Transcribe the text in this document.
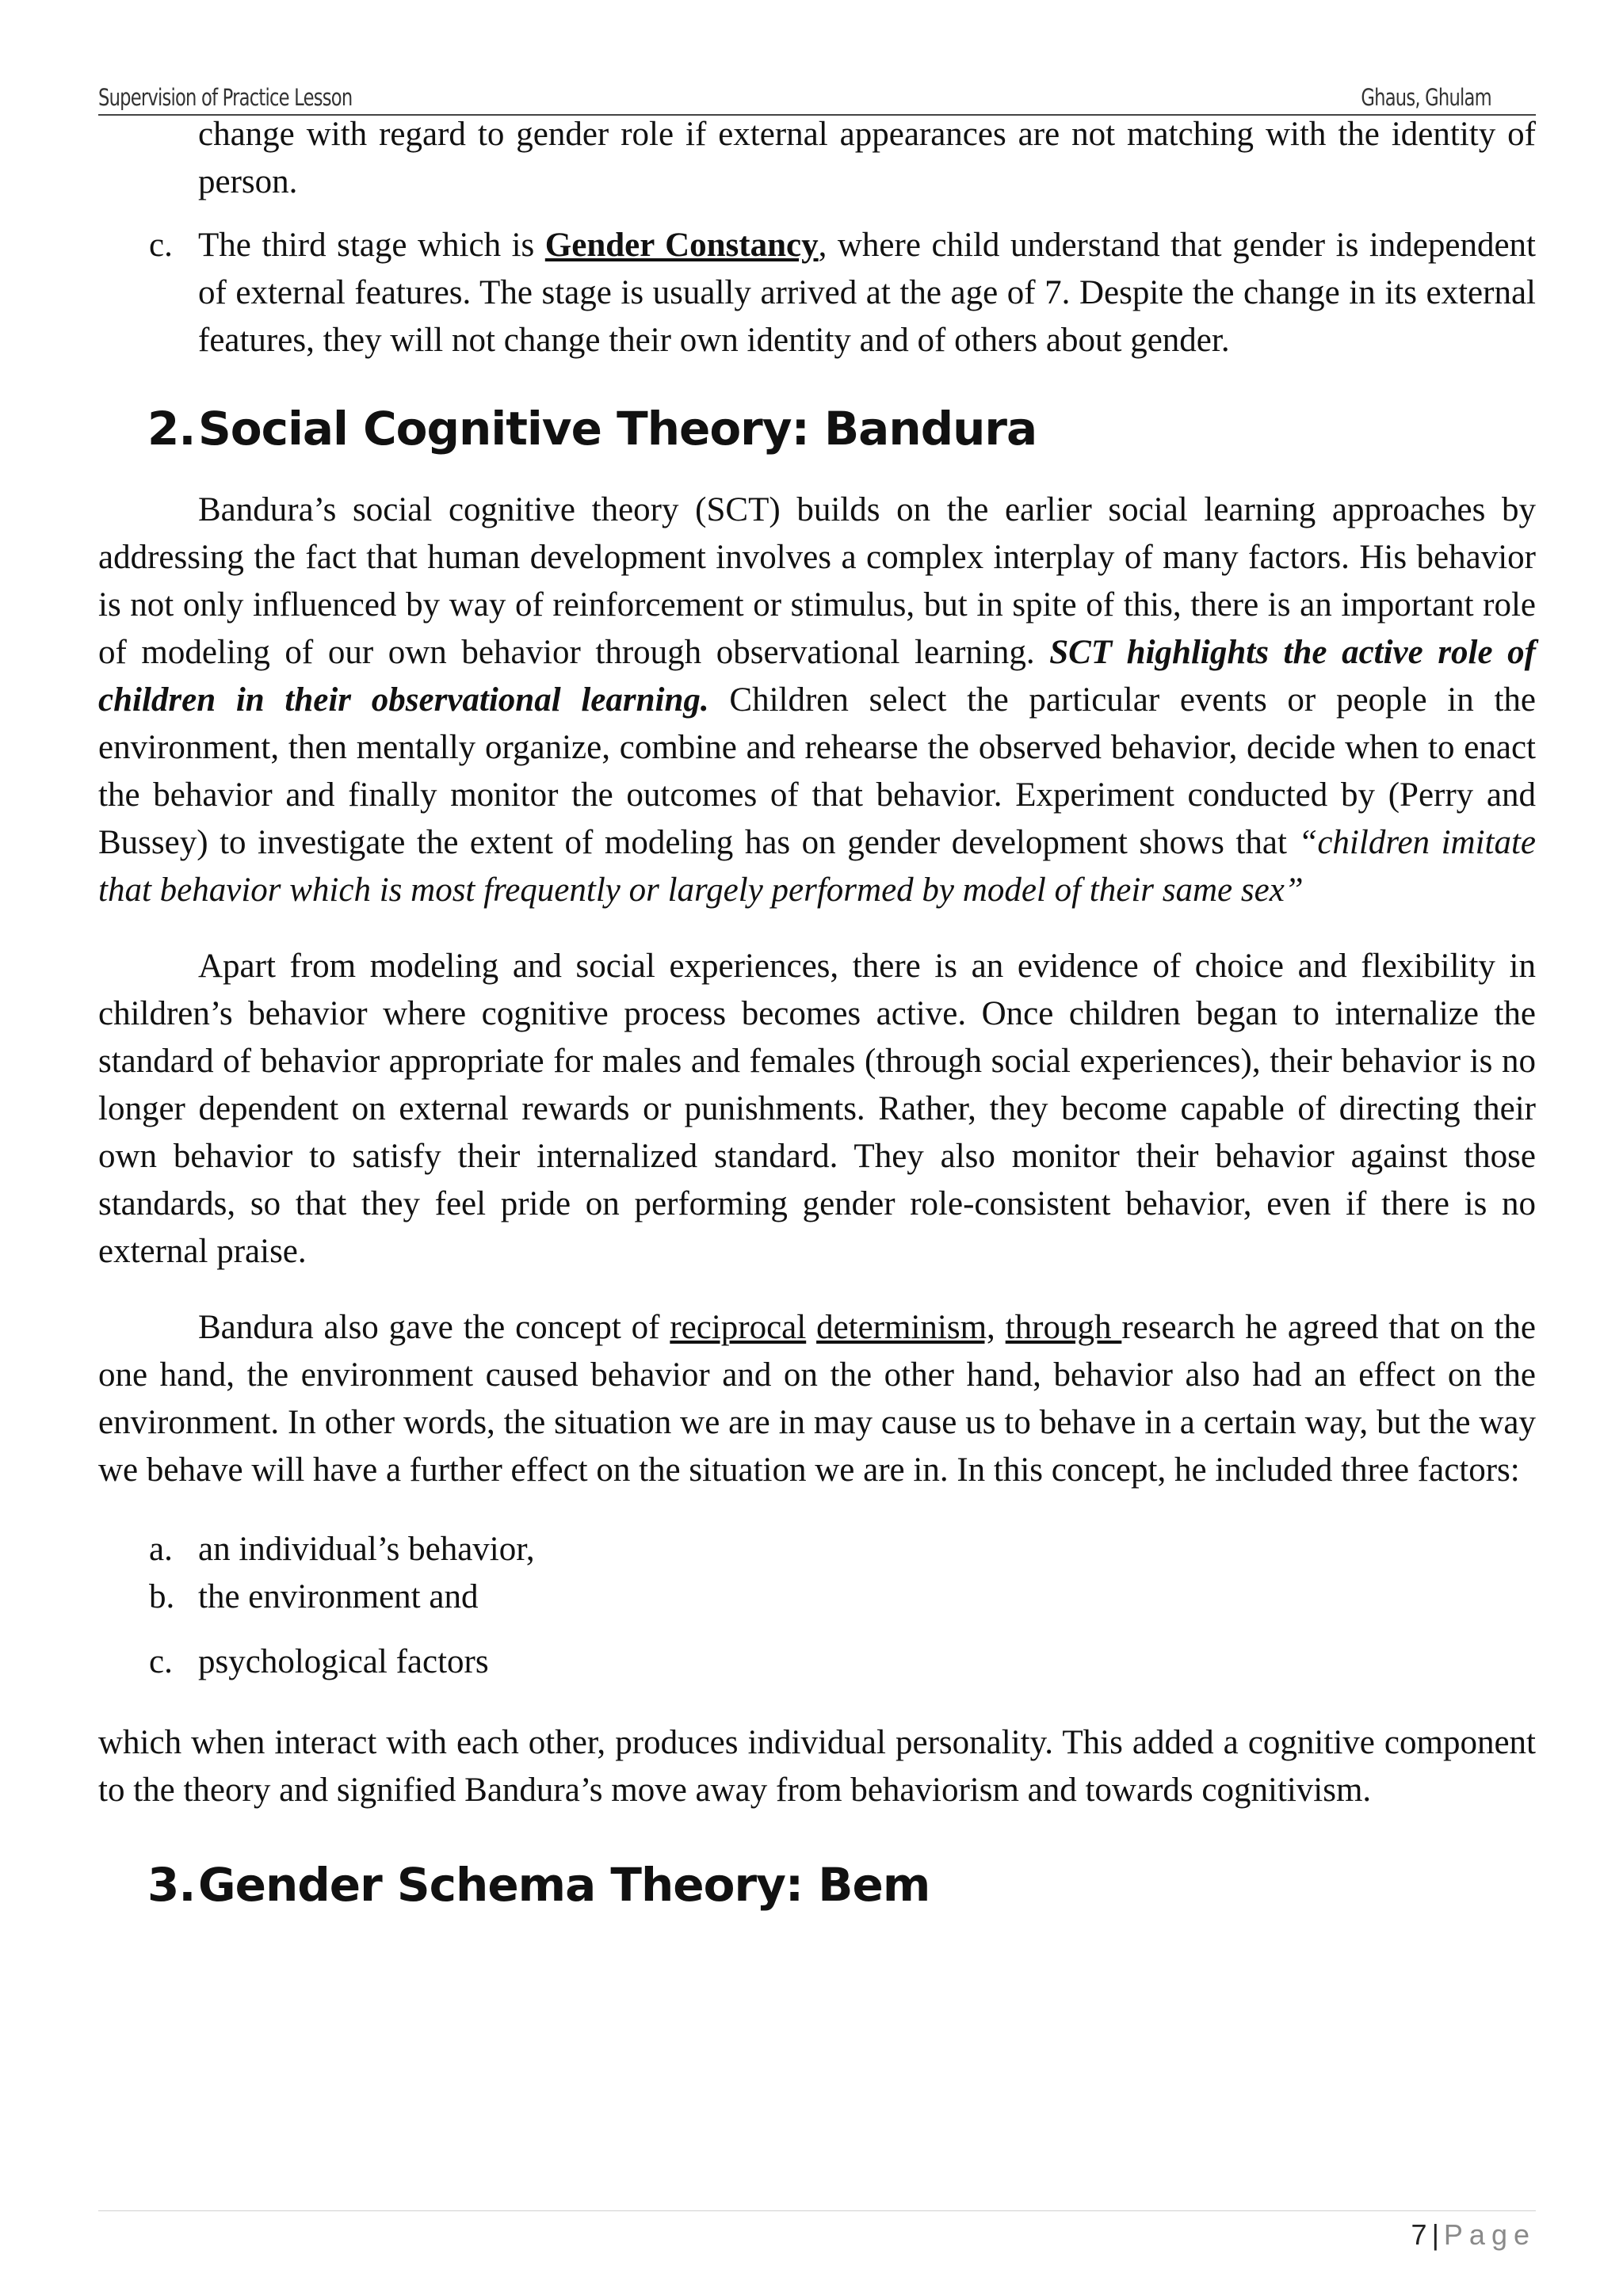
Supervision of Practice Lesson	Ghaus, Ghulam

change with regard to gender role if external appearances are not matching with the identity of person.

c. The third stage which is Gender Constancy, where child understand that gender is independent of external features. The stage is usually arrived at the age of 7. Despite the change in its external features, they will not change their own identity and of others about gender.
2. Social Cognitive Theory: Bandura

Bandura’s social cognitive theory (SCT) builds on the earlier social learning approaches by addressing the fact that human development involves a complex interplay of many factors. His behavior is not only influenced by way of reinforcement or stimulus, but in spite of this, there is an important role of modeling of our own behavior through observational learning. SCT highlights the active role of children in their observational learning. Children select the particular events or people in the environment, then mentally organize, combine and rehearse the observed behavior, decide when to enact the behavior and finally monitor the outcomes of that behavior. Experiment conducted by (Perry and Bussey) to investigate the extent of modeling has on gender development shows that “children imitate that behavior which is most frequently or largely performed by model of their same sex”

Apart from modeling and social experiences, there is an evidence of choice and flexibility in children’s behavior where cognitive process becomes active. Once children began to internalize the standard of behavior appropriate for males and females (through social experiences), their behavior is no longer dependent on external rewards or punishments. Rather, they become capable of directing their own behavior to satisfy their internalized standard. They also monitor their behavior against those standards, so that they feel pride on performing gender role-consistent behavior, even if there is no external praise.

Bandura also gave the concept of reciprocal determinism, through research he agreed that on the one hand, the environment caused behavior and on the other hand, behavior also had an effect on the environment. In other words, the situation we are in may cause us to behave in a certain way, but the way we behave will have a further effect on the situation we are in. In this concept, he included three factors:

a. an individual’s behavior,
b. the environment and
c. psychological factors

which when interact with each other, produces individual personality. This added a cognitive component to the theory and signified Bandura’s move away from behaviorism and towards cognitivism.

3. Gender Schema Theory: Bem
7 | Page
